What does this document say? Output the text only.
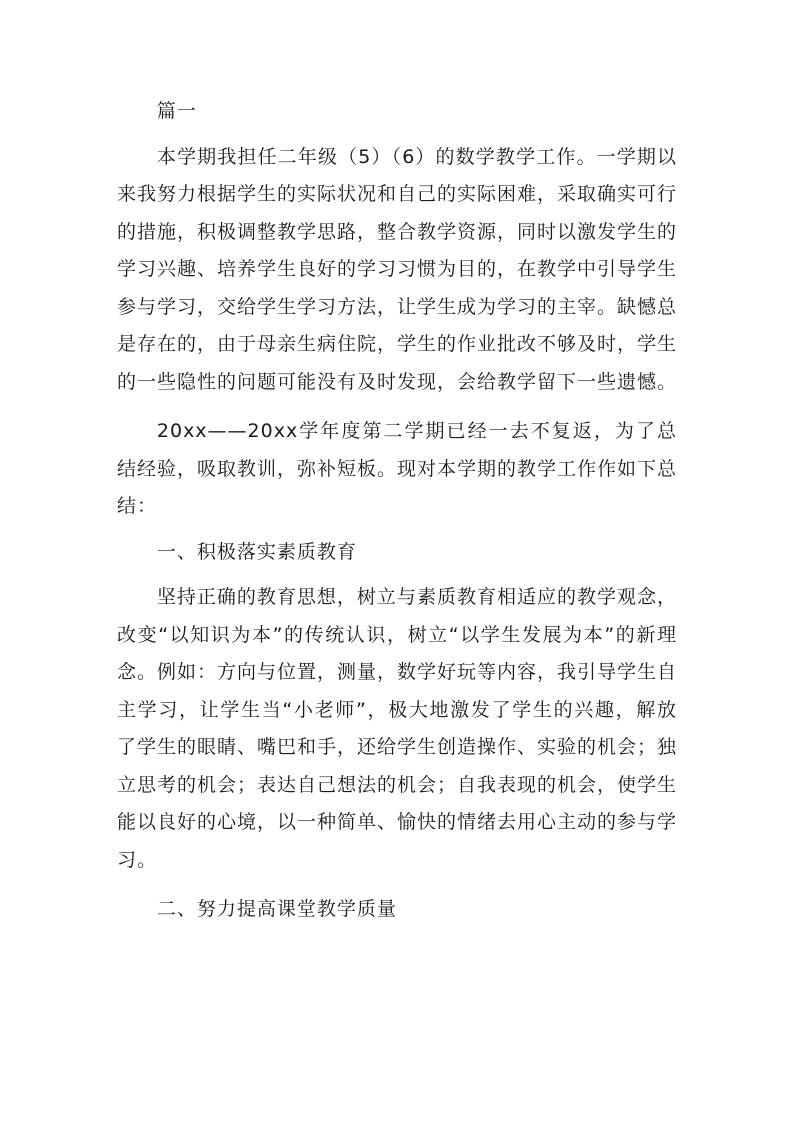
篇一

本学期我担任二年级（5）（6）的数学教学工作。一学期以来我努力根据学生的实际状况和自己的实际困难，采取确实可行的措施，积极调整教学思路，整合教学资源，同时以激发学生的学习兴趣、培养学生良好的学习习惯为目的，在教学中引导学生参与学习，交给学生学习方法，让学生成为学习的主宰。缺憾总是存在的，由于母亲生病住院，学生的作业批改不够及时，学生的一些隐性的问题可能没有及时发现，会给教学留下一些遗憾。

20xx——20xx学年度第二学期已经一去不复返，为了总结经验，吸取教训，弥补短板。现对本学期的教学工作作如下总结：

一、积极落实素质教育

坚持正确的教育思想，树立与素质教育相适应的教学观念，改变“以知识为本”的传统认识，树立“以学生发展为本”的新理念。例如：方向与位置，测量，数学好玩等内容，我引导学生自主学习，让学生当“小老师”，极大地激发了学生的兴趣，解放了学生的眼睛、嘴巴和手，还给学生创造操作、实验的机会；独立思考的机会；表达自己想法的机会；自我表现的机会，使学生能以良好的心境，以一种简单、愉快的情绪去用心主动的参与学习。

二、努力提高课堂教学质量
